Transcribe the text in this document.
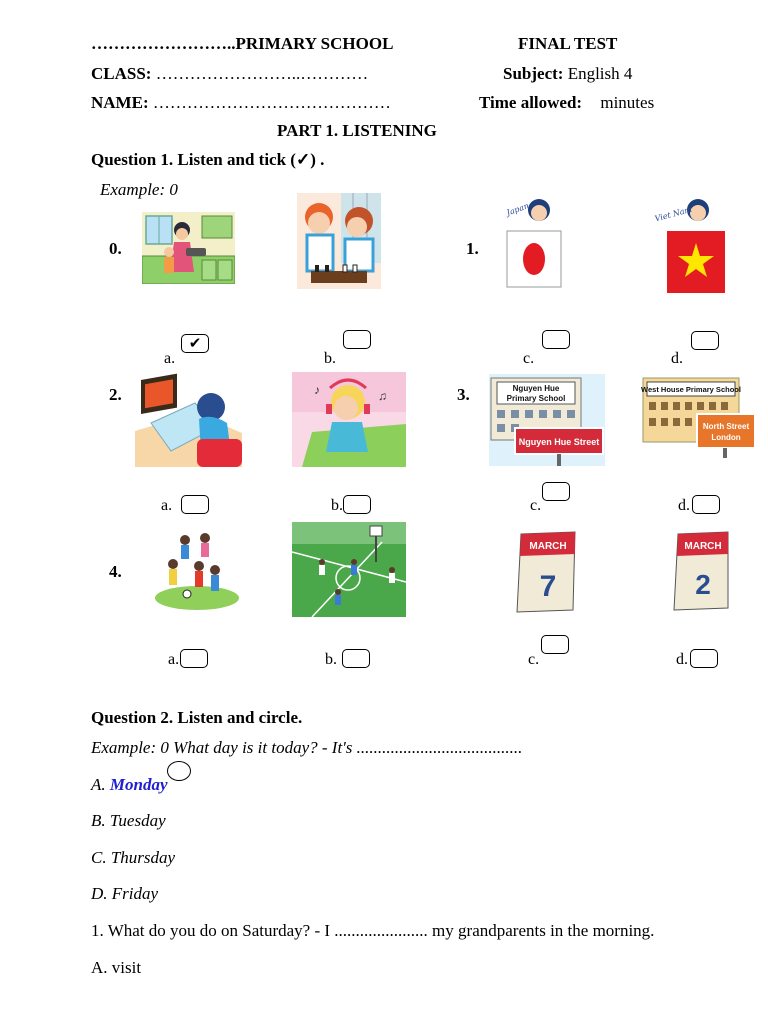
……………………..PRIMARY SCHOOL	FINAL TEST
CLASS: ……………………..…………	Subject: English 4
NAME: ……………………………………	Time allowed: minutes
PART 1. LISTENING
Question 1. Listen and tick (✓) .
Example: 0
0.	1.
Japan	Viet Nam
a.
✔
b.	c.	d.
2.	3.
♪	♫
Nguyen Hue
Primary School
Nguyen Hue Street
West House Primary School
North Street
London
a.	b.	c.	d.
4.
MARCH
7
MARCH
2
a.	b.	c.	d.
Question 2. Listen and circle.
Example: 0 What day is it today? - It's .......................................
A. Monday
B. Tuesday
C. Thursday
D. Friday
1. What do you do on Saturday? - I ...................... my grandparents in the morning.
A. visit
